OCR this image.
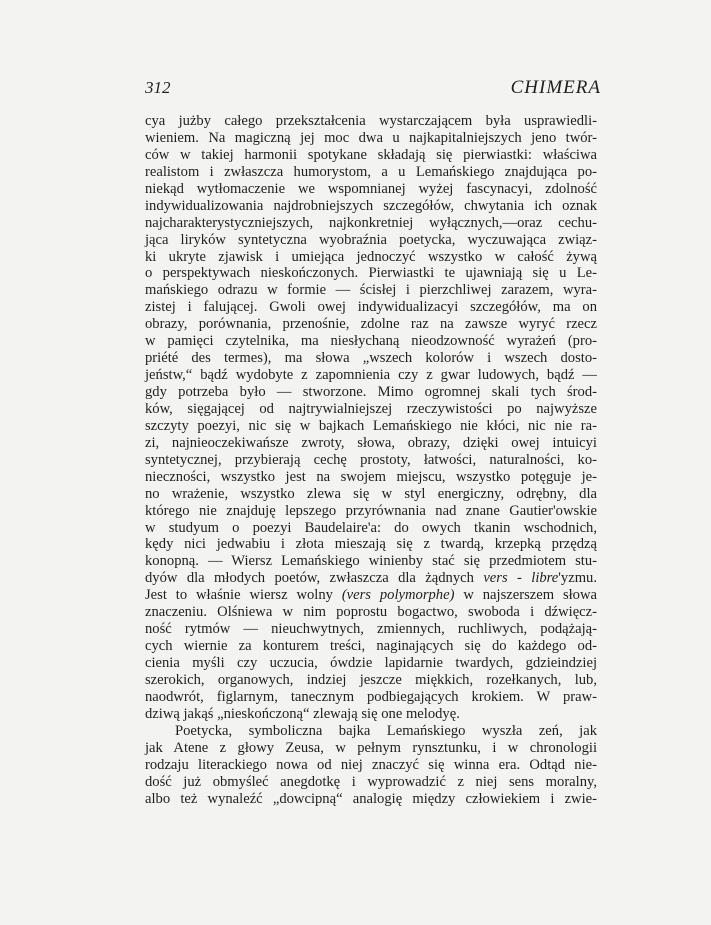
312	CHIMERA
cya jużby całego przekształcenia wystarczającem była usprawiedli-
wieniem. Na magiczną jej moc dwa u najkapitalniejszych jeno twór-
ców w takiej harmonii spotykane składają się pierwiastki: właściwa
realistom i zwłaszcza humorystom, a u Lemańskiego znajdująca po-
niekąd wytłomaczenie we wspomnianej wyżej fascynacyi, zdolność
indywidualizowania najdrobniejszych szczegółów, chwytania ich oznak
najcharakterystyczniejszych, najkonkretniej wyłącznych,—oraz cechu-
jąca liryków syntetyczna wyobraźnia poetycka, wyczuwająca związ-
ki ukryte zjawisk i umiejąca jednoczyć wszystko w całość żywą
o perspektywach nieskończonych. Pierwiastki te ujawniają się u Le-
mańskiego odrazu w formie — ścisłej i pierzchliwej zarazem, wyra-
zistej i falującej. Gwoli owej indywidualizacyi szczegółów, ma on
obrazy, porównania, przenośnie, zdolne raz na zawsze wyryć rzecz
w pamięci czytelnika, ma niesłychaną nieodzowność wyrażeń (pro-
priété des termes), ma słowa „wszech kolorów i wszech dosto-
jeństw,“ bądź wydobyte z zapomnienia czy z gwar ludowych, bądź —
gdy potrzeba było — stworzone. Mimo ogromnej skali tych środ-
ków, sięgającej od najtrywialniejszej rzeczywistości po najwyższe
szczyty poezyi, nic się w bajkach Lemańskiego nie kłóci, nic nie ra-
zi, najnieoczekiwańsze zwroty, słowa, obrazy, dzięki owej intuicyi
syntetycznej, przybierają cechę prostoty, łatwości, naturalności, ko-
nieczności, wszystko jest na swojem miejscu, wszystko potęguje je-
no wrażenie, wszystko zlewa się w styl energiczny, odrębny, dla
którego nie znajduję lepszego przyrównania nad znane Gautier'owskie
w studyum o poezyi Baudelaire'a: do owych tkanin wschodnich,
kędy nici jedwabiu i złota mieszają się z twardą, krzepką przędzą
konopną. — Wiersz Lemańskiego winienby stać się przedmiotem stu-
dyów dla młodych poetów, zwłaszcza dla żądnych vers - libre'yzmu.
Jest to właśnie wiersz wolny (vers polymorphe) w najszerszem słowa
znaczeniu. Olśniewa w nim poprostu bogactwo, swoboda i dźwięcz-
ność rytmów — nieuchwytnych, zmiennych, ruchliwych, podążają-
cych wiernie za konturem treści, naginających się do każdego od-
cienia myśli czy uczucia, ówdzie lapidarnie twardych, gdzieindziej
szerokich, organowych, indziej jeszcze miękkich, rozełkanych, lub,
naodwrót, figlarnym, tanecznym podbiegających krokiem. W praw-
dziwą jakąś „nieskończoną“ zlewają się one melodyę.
Poetycka, symboliczna bajka Lemańskiego wyszła zeń, jak
jak Atene z głowy Zeusa, w pełnym rynsztunku, i w chronologii
rodzaju literackiego nowa od niej znaczyć się winna era. Odtąd nie-
dość już obmyśleć anegdotkę i wyprowadzić z niej sens moralny,
albo też wynaleźć „dowcipną“ analogię między człowiekiem i zwie-
